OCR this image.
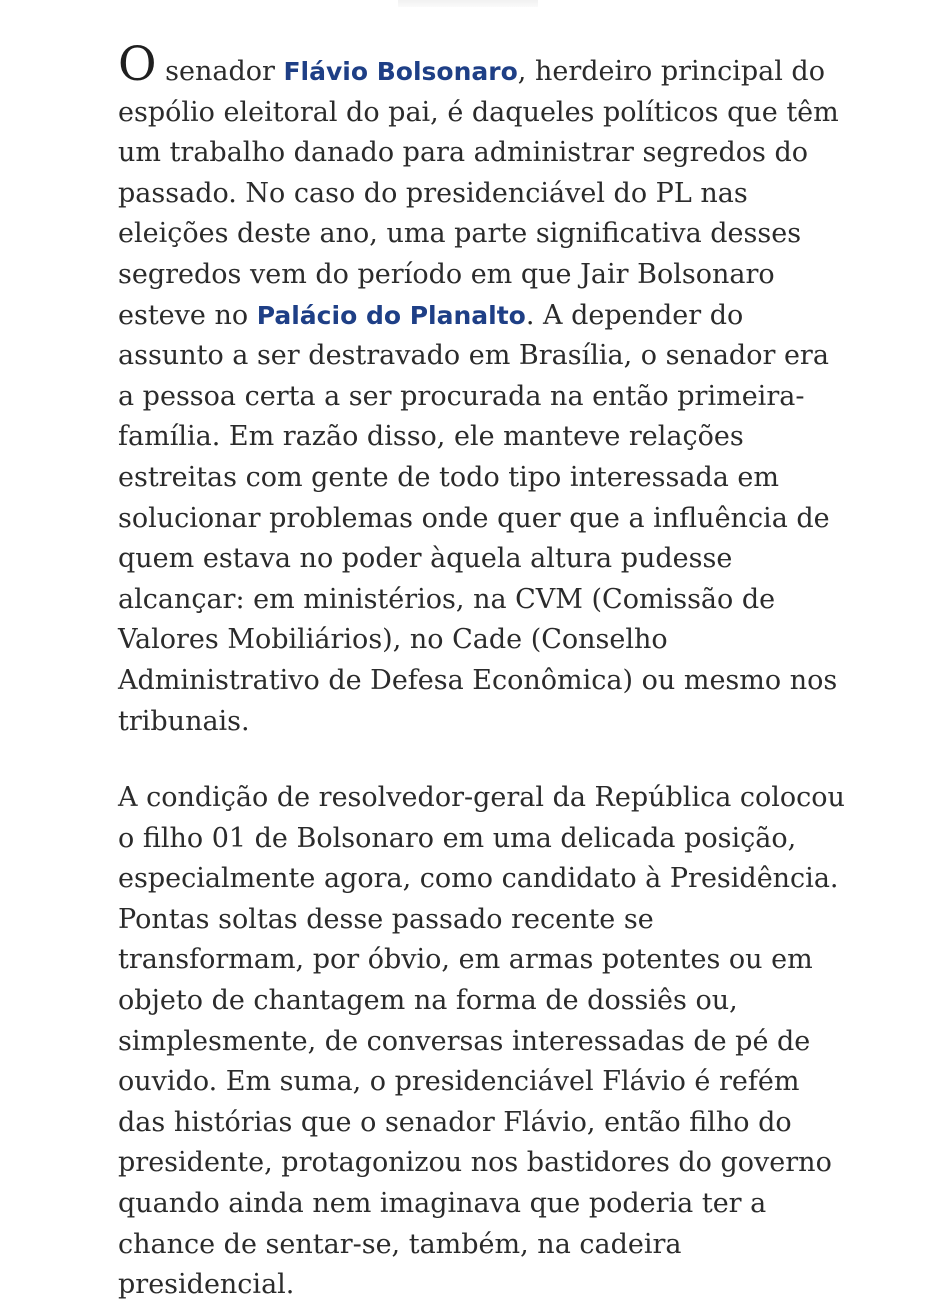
O senador Flávio Bolsonaro, herdeiro principal do espólio eleitoral do pai, é daqueles políticos que têm um trabalho danado para administrar segredos do passado. No caso do presidenciável do PL nas eleições deste ano, uma parte significativa desses segredos vem do período em que Jair Bolsonaro esteve no Palácio do Planalto. A depender do assunto a ser destravado em Brasília, o senador era a pessoa certa a ser procurada na então primeira-família. Em razão disso, ele manteve relações estreitas com gente de todo tipo interessada em solucionar problemas onde quer que a influência de quem estava no poder àquela altura pudesse alcançar: em ministérios, na CVM (Comissão de Valores Mobiliários), no Cade (Conselho Administrativo de Defesa Econômica) ou mesmo nos tribunais.

A condição de resolvedor-geral da República colocou o filho 01 de Bolsonaro em uma delicada posição, especialmente agora, como candidato à Presidência. Pontas soltas desse passado recente se transformam, por óbvio, em armas potentes ou em objeto de chantagem na forma de dossiês ou, simplesmente, de conversas interessadas de pé de ouvido. Em suma, o presidenciável Flávio é refém das histórias que o senador Flávio, então filho do presidente, protagonizou nos bastidores do governo quando ainda nem imaginava que poderia ter a chance de sentar-se, também, na cadeira presidencial.
